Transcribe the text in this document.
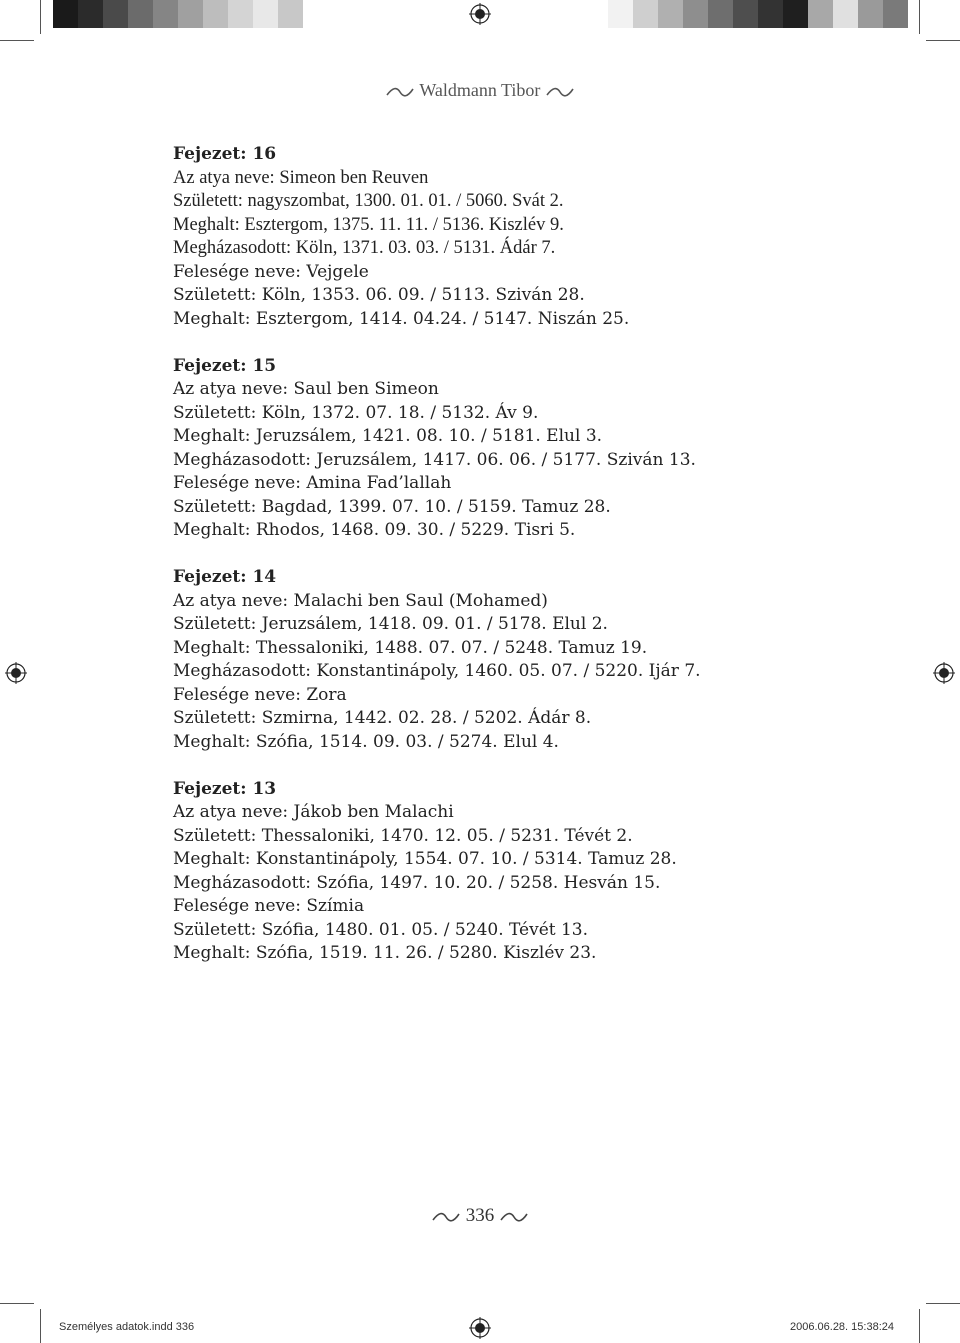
Waldmann Tibor
Fejezet: 16
Az atya neve: Simeon ben Reuven
Született: nagyszombat, 1300. 01. 01. / 5060. Svát 2.
Meghalt: Esztergom, 1375. 11. 11. / 5136. Kiszlév 9.
Megházasodott: Köln, 1371. 03. 03. / 5131. Ádár 7.
Felesége neve: Vejgele
Született: Köln, 1353. 06. 09. / 5113. Sziván 28.
Meghalt: Esztergom, 1414. 04.24. / 5147. Niszán 25.
Fejezet: 15
Az atya neve: Saul ben Simeon
Született: Köln, 1372. 07. 18. / 5132. Áv 9.
Meghalt: Jeruzsálem, 1421. 08. 10. / 5181. Elul 3.
Megházasodott: Jeruzsálem, 1417. 06. 06. / 5177. Sziván 13.
Felesége neve: Amina Fad’lallah
Született: Bagdad, 1399. 07. 10. / 5159. Tamuz 28.
Meghalt: Rhodos, 1468. 09. 30. / 5229. Tisri 5.
Fejezet: 14
Az atya neve: Malachi ben Saul (Mohamed)
Született: Jeruzsálem, 1418. 09. 01. / 5178. Elul 2.
Meghalt: Thessaloniki, 1488. 07. 07. / 5248. Tamuz 19.
Megházasodott: Konstantinápoly, 1460. 05. 07. / 5220. Ijár 7.
Felesége neve: Zora
Született: Szmirna, 1442. 02. 28. / 5202. Ádár 8.
Meghalt: Szófia, 1514. 09. 03. / 5274. Elul 4.
Fejezet: 13
Az atya neve: Jákob ben Malachi
Született: Thessaloniki, 1470. 12. 05. / 5231. Tévét 2.
Meghalt: Konstantinápoly, 1554. 07. 10. / 5314. Tamuz 28.
Megházasodott: Szófia, 1497. 10. 20. / 5258. Hesván 15.
Felesége neve: Szímia
Született: Szófia, 1480. 01. 05. / 5240. Tévét 13.
Meghalt: Szófia, 1519. 11. 26. / 5280. Kiszlév 23.
336
Személyes adatok.indd 336	2006.06.28. 15:38:24
